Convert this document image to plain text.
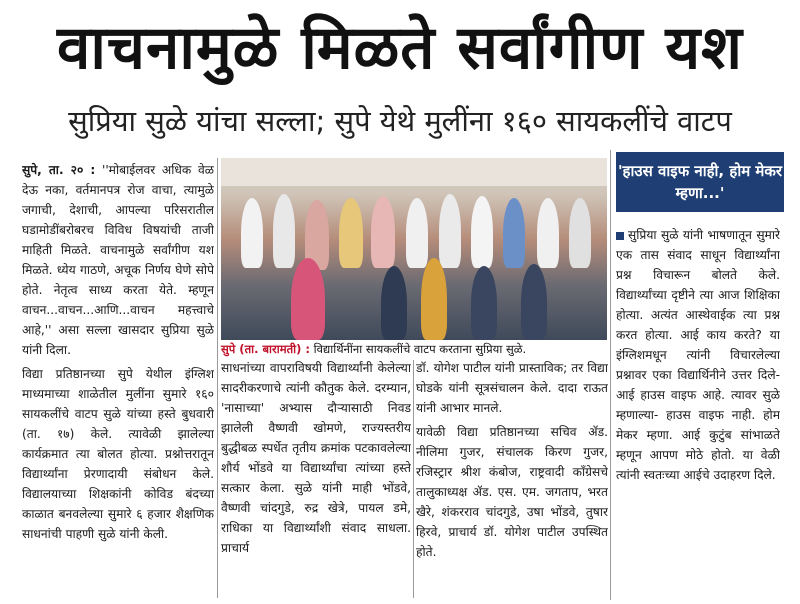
वाचनामुळे मिळते सर्वांगीण यश
सुप्रिया सुळे यांचा सल्ला; सुपे येथे मुलींना १६० सायकलींचे वाटप

सुपे, ता. २० : ''मोबाईलवर अधिक वेळ देऊ नका, वर्तमानपत्र रोज वाचा, त्यामुळे जगाची, देशाची, आपल्या परिसरातील घडामोडींबरोबरच विविध विषयांची ताजी माहिती मिळते. वाचनामुळे सर्वांगीण यश मिळते. ध्येय गाठणे, अचूक निर्णय घेणे सोपे होते. नेतृत्व साध्य करता येते. म्हणून वाचन...वाचन...आणि...वाचन महत्त्वाचे आहे,'' असा सल्ला खासदार सुप्रिया सुळे यांनी दिला.

विद्या प्रतिष्ठानच्या सुपे येथील इंग्लिश माध्यमाच्या शाळेतील मुलींना सुमारे १६० सायकलींचे वाटप सुळे यांच्या हस्ते बुधवारी (ता. १७) केले. त्यावेळी झालेल्या कार्यक्रमात त्या बोलत होत्या. प्रश्नोत्तरातून विद्यार्थ्यांना प्रेरणादायी संबोधन केले. विद्यालयाच्या शिक्षकांनी कोविड बंदच्या काळात बनवलेल्या सुमारे ६ हजार शैक्षणिक साधनांची पाहणी सुळे यांनी केली.

सुपे (ता. बारामती) : विद्यार्थिनींना सायकलींचे वाटप करताना सुप्रिया सुळे.

साधनांच्या वापराविषयी विद्यार्थ्यांनी केलेल्या सादरीकरणाचे त्यांनी कौतुक केले. दरम्यान, 'नासाच्या' अभ्यास दौऱ्यासाठी निवड झालेली वैष्णवी खोमणे, राज्यस्तरीय बुद्धीबळ स्पर्धेत तृतीय क्रमांक पटकावलेल्या शौर्य भोंडवे या विद्यार्थ्यांचा त्यांच्या हस्ते सत्कार केला. सुळे यांनी माही भोंडवे, वैष्णवी चांदगुडे, रुद्र खेत्रे, पायल डमे, राधिका या विद्यार्थ्यांशी संवाद साधला. प्राचार्य

डॉ. योगेश पाटील यांनी प्रास्ताविक; तर विद्या घोडके यांनी सूत्रसंचालन केले. दादा राऊत यांनी आभार मानले.

यावेळी विद्या प्रतिष्ठानच्या सचिव ॲड. नीलिमा गुजर, संचालक किरण गुजर, रजिस्ट्रार श्रीश कंबोज, राष्ट्रवादी काँग्रेसचे तालुकाध्यक्ष ॲड. एस. एम. जगताप, भरत खैरे, शंकरराव चांदगुडे, उषा भोंडवे, तुषार हिरवे, प्राचार्य डॉ. योगेश पाटील उपस्थित होते.

'हाउस वाइफ नाही, होम मेकर म्हणा...'

सुप्रिया सुळे यांनी भाषणातून सुमारे एक तास संवाद साधून विद्यार्थ्यांना प्रश्न विचारून बोलते केले. विद्यार्थ्यांच्या दृष्टीने त्या आज शिक्षिका होत्या. अत्यंत आस्थेवाईक त्या प्रश्न करत होत्या. आई काय करते? या इंग्लिशमधून त्यांनी विचारलेल्या प्रश्नावर एका विद्यार्थिनीने उत्तर दिले- आई हाउस वाइफ आहे. त्यावर सुळे म्हणाल्या- हाउस वाइफ नाही. होम मेकर म्हणा. आई कुटुंब सांभाळते म्हणून आपण मोठे होतो. या वेळी त्यांनी स्वतःच्या आईचे उदाहरण दिले.
